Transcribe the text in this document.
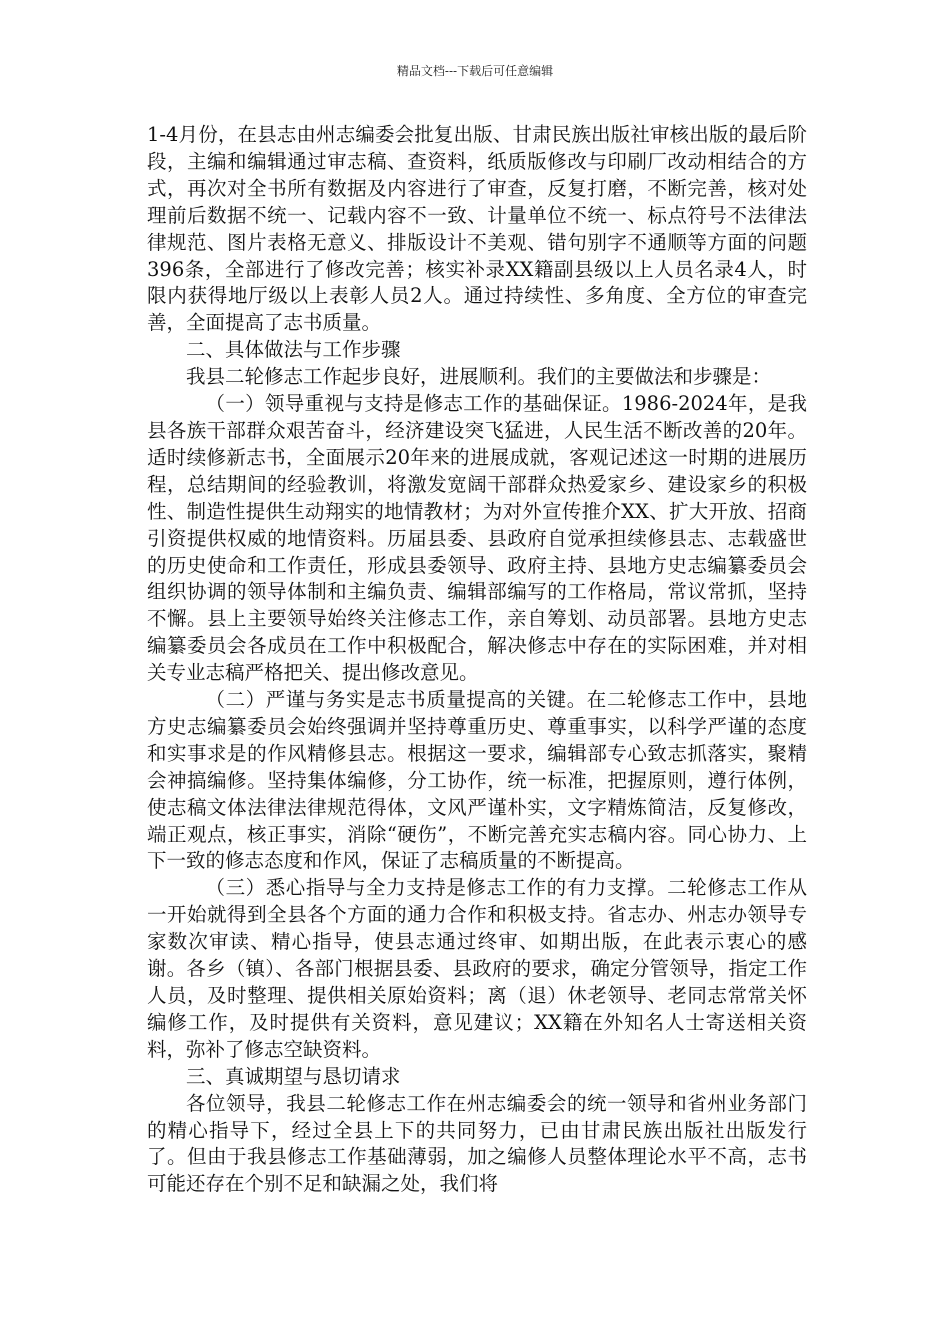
精品文档---下载后可任意编辑

1-4月份，在县志由州志编委会批复出版、甘肃民族出版社审核出版的最后阶段，主编和编辑通过审志稿、查资料，纸质版修改与印刷厂改动相结合的方式，再次对全书所有数据及内容进行了审查，反复打磨，不断完善，核对处理前后数据不统一、记载内容不一致、计量单位不统一、标点符号不法律法律规范、图片表格无意义、排版设计不美观、错句别字不通顺等方面的问题396条，全部进行了修改完善；核实补录XX籍副县级以上人员名录4人，时限内获得地厅级以上表彰人员2人。通过持续性、多角度、全方位的审查完善，全面提高了志书质量。

二、具体做法与工作步骤

我县二轮修志工作起步良好，进展顺利。我们的主要做法和步骤是：

（一）领导重视与支持是修志工作的基础保证。1986-2024年，是我县各族干部群众艰苦奋斗，经济建设突飞猛进，人民生活不断改善的20年。适时续修新志书，全面展示20年来的进展成就，客观记述这一时期的进展历程，总结期间的经验教训，将激发宽阔干部群众热爱家乡、建设家乡的积极性、制造性提供生动翔实的地情教材；为对外宣传推介XX、扩大开放、招商引资提供权威的地情资料。历届县委、县政府自觉承担续修县志、志载盛世的历史使命和工作责任，形成县委领导、政府主持、县地方史志编纂委员会组织协调的领导体制和主编负责、编辑部编写的工作格局，常议常抓，坚持不懈。县上主要领导始终关注修志工作，亲自筹划、动员部署。县地方史志编纂委员会各成员在工作中积极配合，解决修志中存在的实际困难，并对相关专业志稿严格把关、提出修改意见。

（二）严谨与务实是志书质量提高的关键。在二轮修志工作中，县地方史志编纂委员会始终强调并坚持尊重历史、尊重事实，以科学严谨的态度和实事求是的作风精修县志。根据这一要求，编辑部专心致志抓落实，聚精会神搞编修。坚持集体编修，分工协作，统一标准，把握原则，遵行体例，使志稿文体法律法律规范得体，文风严谨朴实，文字精炼简洁，反复修改，端正观点，核正事实，消除“硬伤”，不断完善充实志稿内容。同心协力、上下一致的修志态度和作风，保证了志稿质量的不断提高。

（三）悉心指导与全力支持是修志工作的有力支撑。二轮修志工作从一开始就得到全县各个方面的通力合作和积极支持。省志办、州志办领导专家数次审读、精心指导，使县志通过终审、如期出版，在此表示衷心的感谢。各乡（镇）、各部门根据县委、县政府的要求，确定分管领导，指定工作人员，及时整理、提供相关原始资料；离（退）休老领导、老同志常常关怀编修工作，及时提供有关资料，意见建议；XX籍在外知名人士寄送相关资料，弥补了修志空缺资料。

三、真诚期望与恳切请求

各位领导，我县二轮修志工作在州志编委会的统一领导和省州业务部门的精心指导下，经过全县上下的共同努力，已由甘肃民族出版社出版发行了。但由于我县修志工作基础薄弱，加之编修人员整体理论水平不高，志书可能还存在个别不足和缺漏之处，我们将
